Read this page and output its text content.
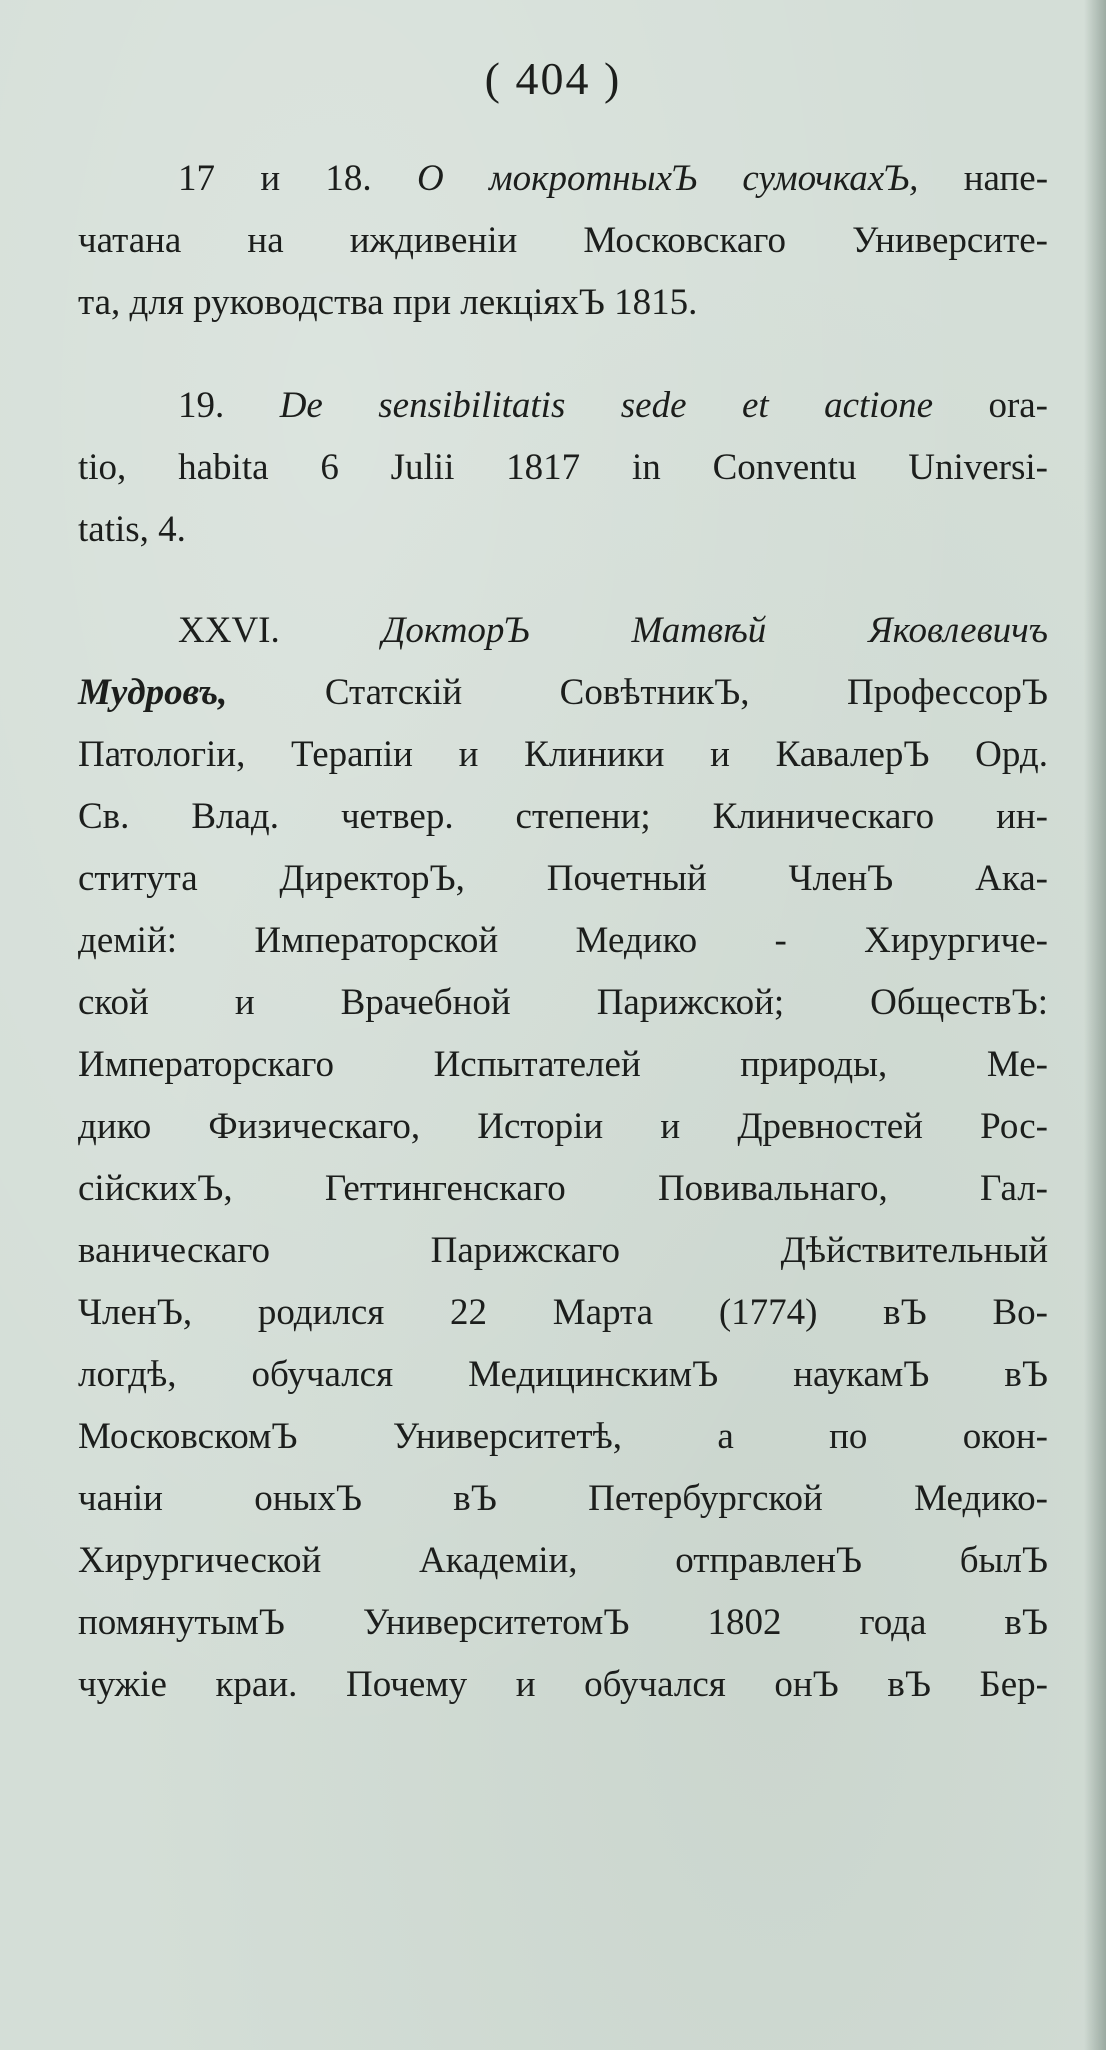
( 404 )

17 и 18. О мокротныхЪ сумочкахЪ, напе-
чатана на иждивенiи Московскаго Университе-
та, для руководства при лекцiяхЪ 1815.

19. De sensibilitatis sede et actione ora-
tio, habita 6 Julii 1817 in Conventu Universi-
tatis, 4.

XXVI.	ДокторЪ Матвѣй Яковлевичъ
Мудровъ,	Статскiй СовѣтникЪ, ПрофессорЪ
Патологiи, Терапiи и Клиники и КавалерЪ Орд.
Св. Влад. четвер. степени; Клиническаго ин-
ститута ДиректорЪ, Почетный ЧленЪ Ака-
демiй: Императорской Медико - Хирургиче-
ской и Врачебной Парижской; ОбществЪ:
Императорскаго Испытателей природы, Ме-
дико Физическаго, Исторiи и Древностей Рос-
сiйскихЪ, Геттингенскаго Повивальнаго, Гал-
ваническаго Парижскаго Дѣйствительный
ЧленЪ, родился 22 Марта (1774) вЪ Во-
логдѣ, обучался МедицинскимЪ наукамЪ вЪ
МосковскомЪ Университетѣ, а по окон-
чанiи оныхЪ вЪ Петербургской Медико-
Хирургической Академiи, отправленЪ былЪ
помянутымЪ УниверситетомЪ 1802 года вЪ
чужiе краи. Почему и обучался онЪ вЪ Бер-
